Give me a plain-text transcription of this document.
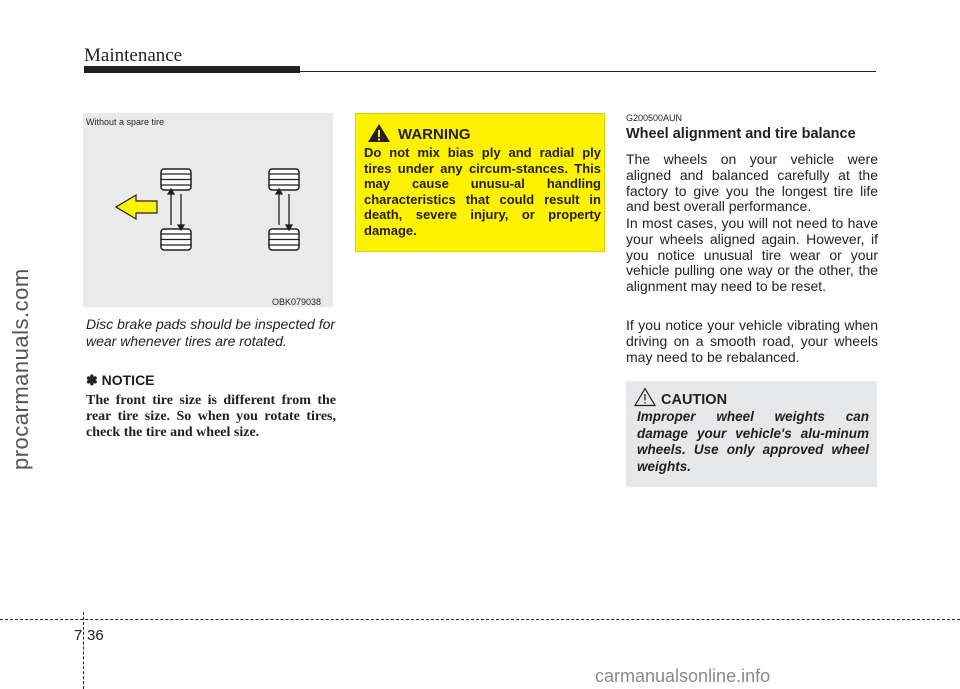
Maintenance
procarmanuals.com
Without a spare tire
OBK079038
Disc brake pads should be inspected for wear whenever tires are rotated.
✽ NOTICE
The front tire size is different from the rear tire size. So when you rotate tires, check the tire and wheel size.
WARNING
Do not mix bias ply and radial ply tires under any circum-stances. This may cause unusu-al handling characteristics that could result in death, severe injury, or property damage.
G200500AUN
Wheel alignment and tire balance
The wheels on your vehicle were aligned and balanced carefully at the factory to give you the longest tire life and best overall performance.
In most cases, you will not need to have your wheels aligned again. However, if you notice unusual tire wear or your vehicle pulling one way or the other, the alignment may need to be reset.
If you notice your vehicle vibrating when driving on a smooth road, your wheels may need to be rebalanced.
CAUTION
Improper wheel weights can damage your vehicle's alu-minum wheels. Use only approved wheel weights.
7 36
carmanualsonline.info
